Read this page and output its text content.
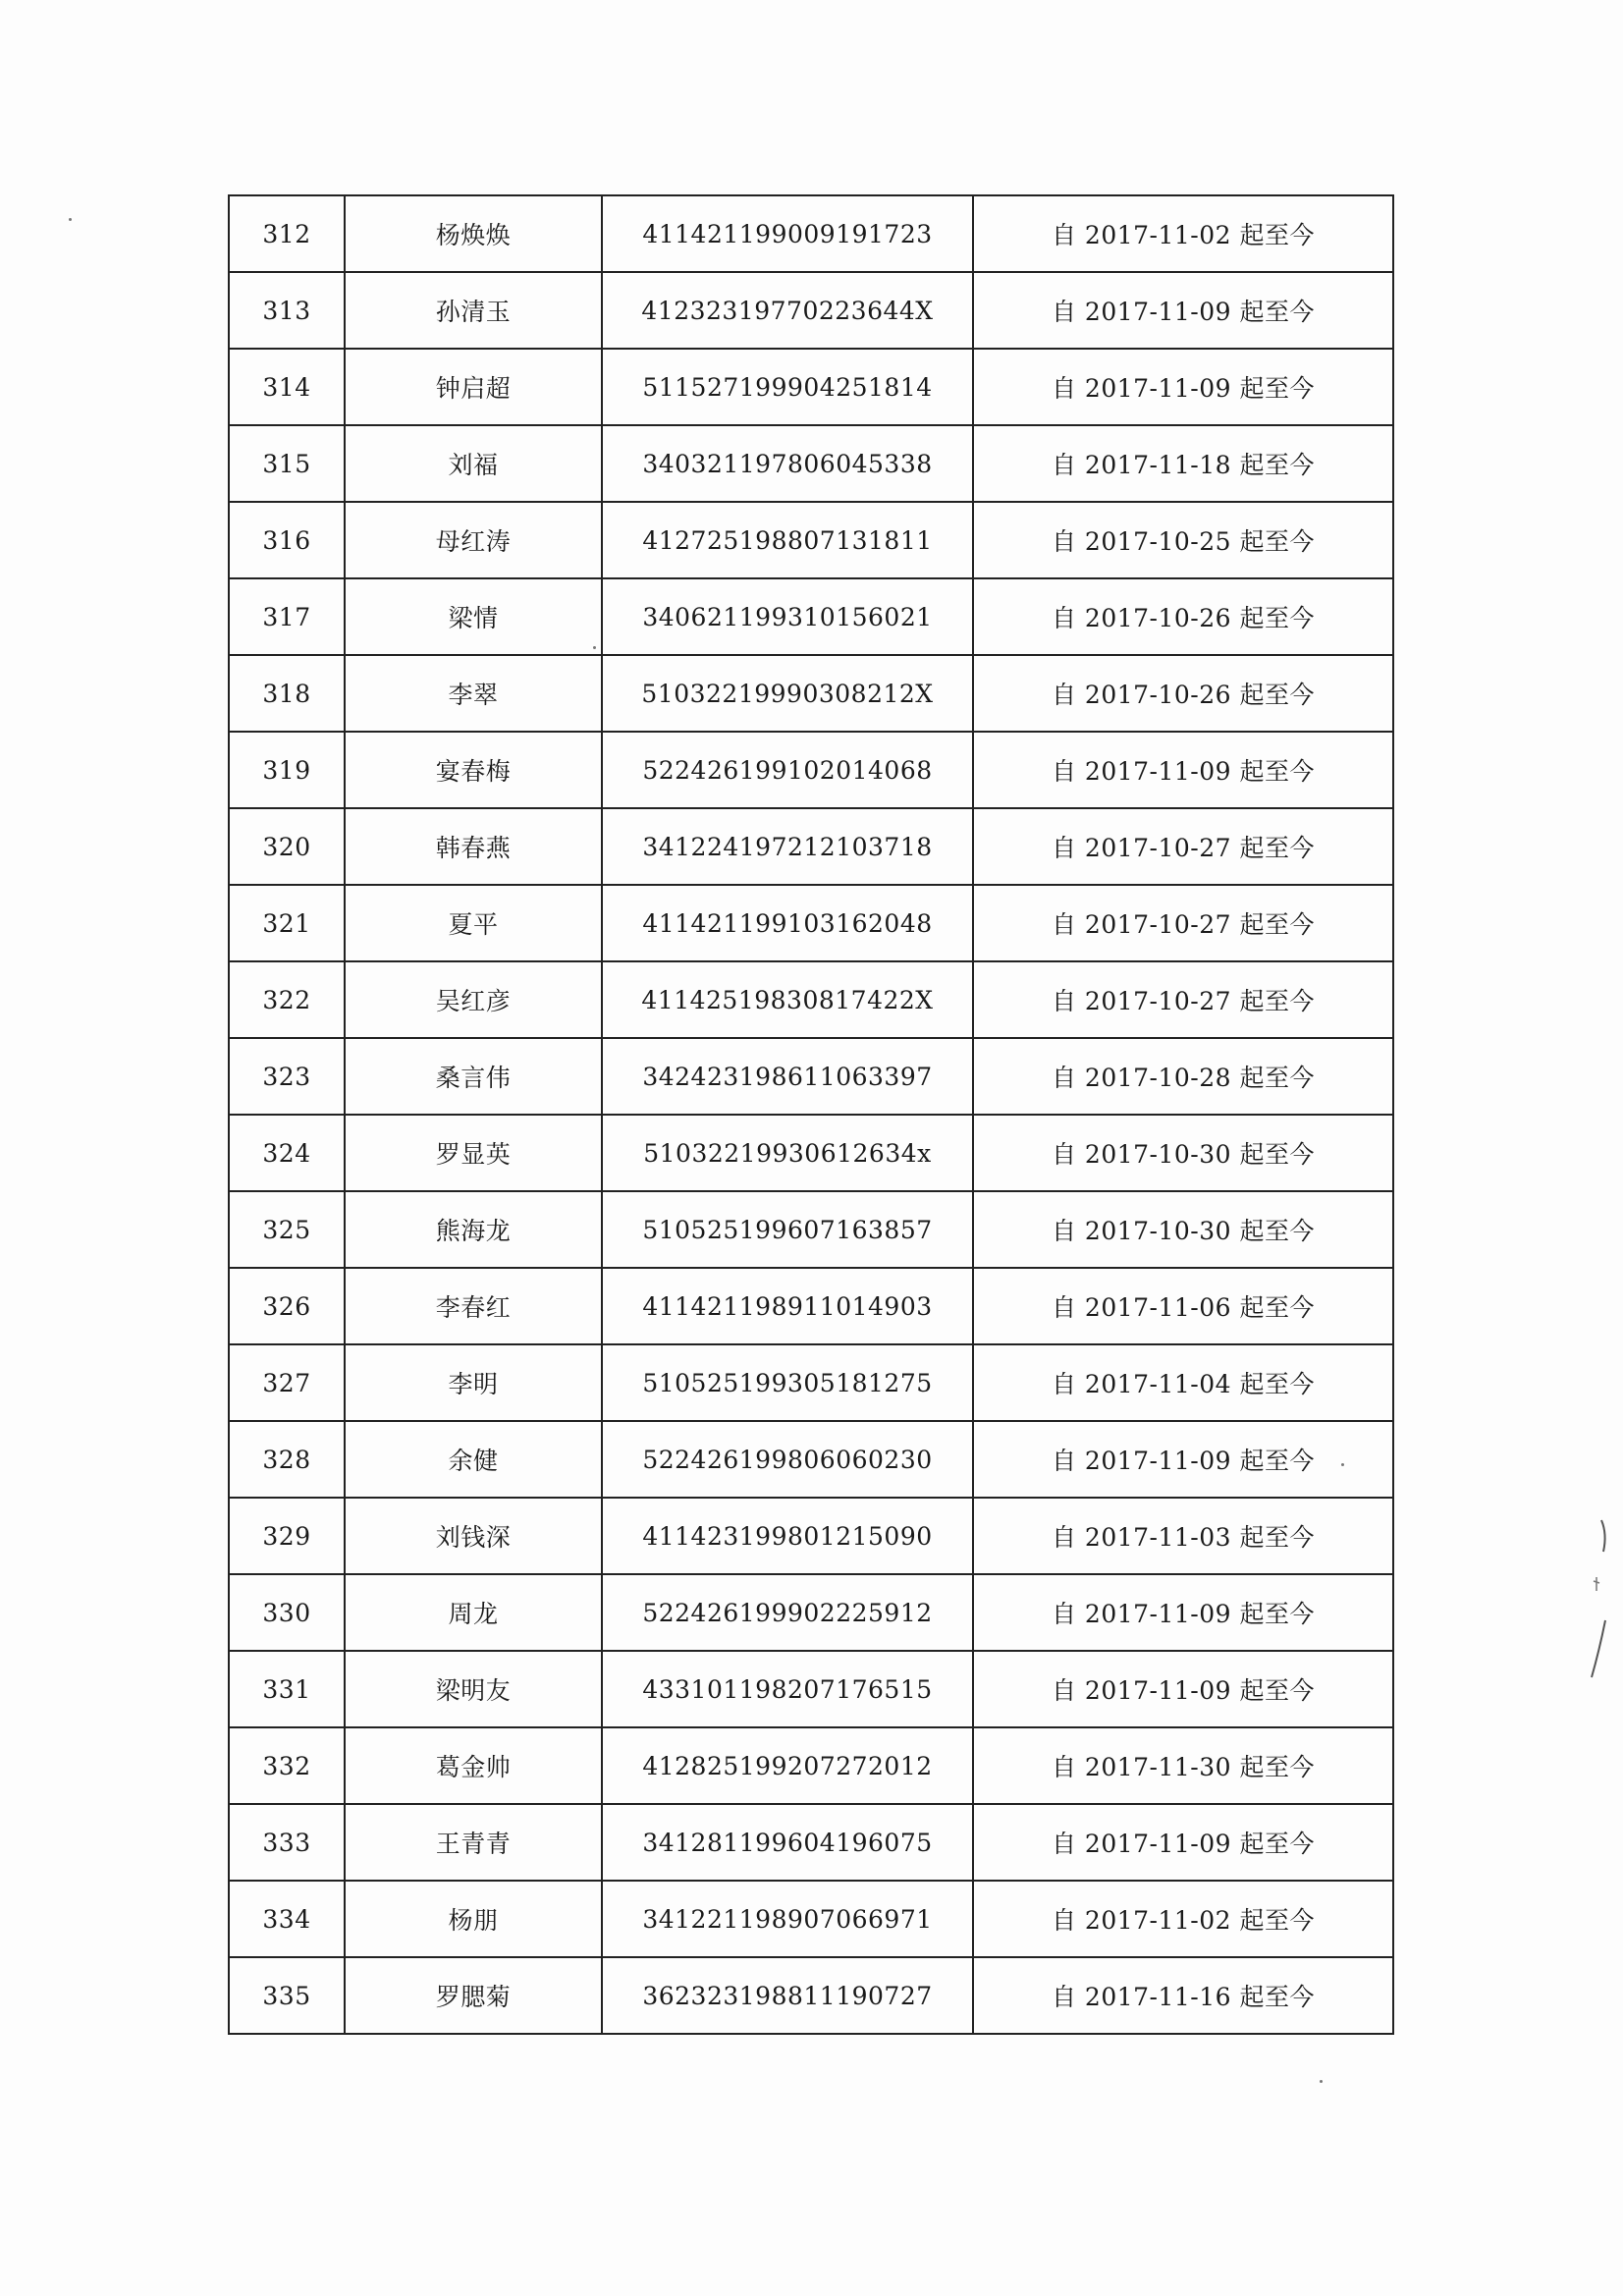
312	杨焕焕	411421199009191723	自 2017-11-02 起至今
313	孙清玉	41232319770223644X	自 2017-11-09 起至今
314	钟启超	511527199904251814	自 2017-11-09 起至今
315	刘福	340321197806045338	自 2017-11-18 起至今
316	母红涛	412725198807131811	自 2017-10-25 起至今
317	梁情	340621199310156021	自 2017-10-26 起至今
318	李翠	51032219990308212X	自 2017-10-26 起至今
319	宴春梅	522426199102014068	自 2017-11-09 起至今
320	韩春燕	341224197212103718	自 2017-10-27 起至今
321	夏平	411421199103162048	自 2017-10-27 起至今
322	吴红彦	41142519830817422X	自 2017-10-27 起至今
323	桑言伟	342423198611063397	自 2017-10-28 起至今
324	罗显英	51032219930612634x	自 2017-10-30 起至今
325	熊海龙	510525199607163857	自 2017-10-30 起至今
326	李春红	411421198911014903	自 2017-11-06 起至今
327	李明	510525199305181275	自 2017-11-04 起至今
328	余健	522426199806060230	自 2017-11-09 起至今
329	刘钱深	411423199801215090	自 2017-11-03 起至今
330	周龙	522426199902225912	自 2017-11-09 起至今
331	梁明友	433101198207176515	自 2017-11-09 起至今
332	葛金帅	412825199207272012	自 2017-11-30 起至今
333	王青青	341281199604196075	自 2017-11-09 起至今
334	杨朋	341221198907066971	自 2017-11-02 起至今
335	罗腮菊	362323198811190727	自 2017-11-16 起至今
